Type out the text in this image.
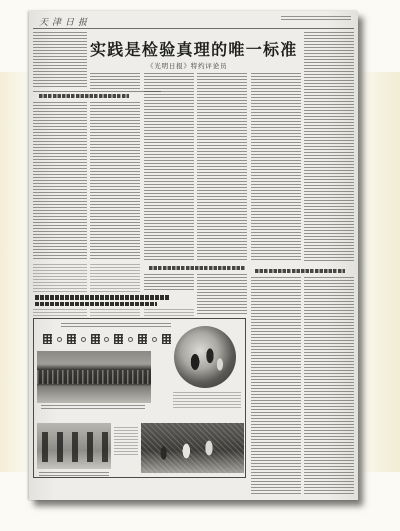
天津日报
实践是检验真理的唯一标准
《光明日报》特约评论员
